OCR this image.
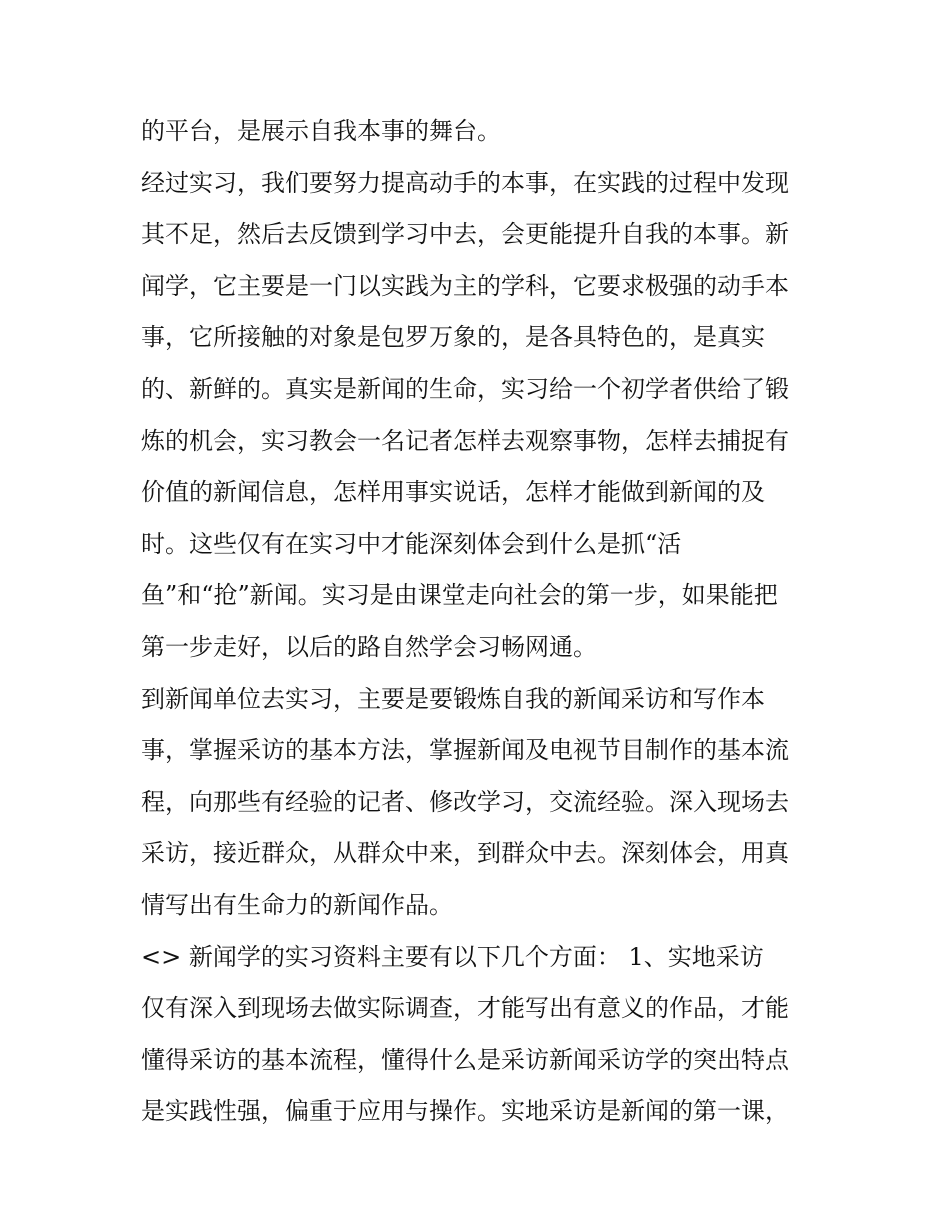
的平台，是展示自我本事的舞台。
经过实习，我们要努力提高动手的本事，在实践的过程中发现
其不足，然后去反馈到学习中去，会更能提升自我的本事。新
闻学，它主要是一门以实践为主的学科，它要求极强的动手本
事，它所接触的对象是包罗万象的，是各具特色的，是真实
的、新鲜的。真实是新闻的生命，实习给一个初学者供给了锻
炼的机会，实习教会一名记者怎样去观察事物，怎样去捕捉有
价值的新闻信息，怎样用事实说话，怎样才能做到新闻的及
时。这些仅有在实习中才能深刻体会到什么是抓“活
鱼”和“抢”新闻。实习是由课堂走向社会的第一步，如果能把
第一步走好，以后的路自然学会习畅网通。
到新闻单位去实习，主要是要锻炼自我的新闻采访和写作本
事，掌握采访的基本方法，掌握新闻及电视节目制作的基本流
程，向那些有经验的记者、修改学习，交流经验。深入现场去
采访，接近群众，从群众中来，到群众中去。深刻体会，用真
情写出有生命力的新闻作品。
<> 新闻学的实习资料主要有以下几个方面： 1、实地采访
仅有深入到现场去做实际调查，才能写出有意义的作品，才能
懂得采访的基本流程，懂得什么是采访新闻采访学的突出特点
是实践性强，偏重于应用与操作。实地采访是新闻的第一课，
